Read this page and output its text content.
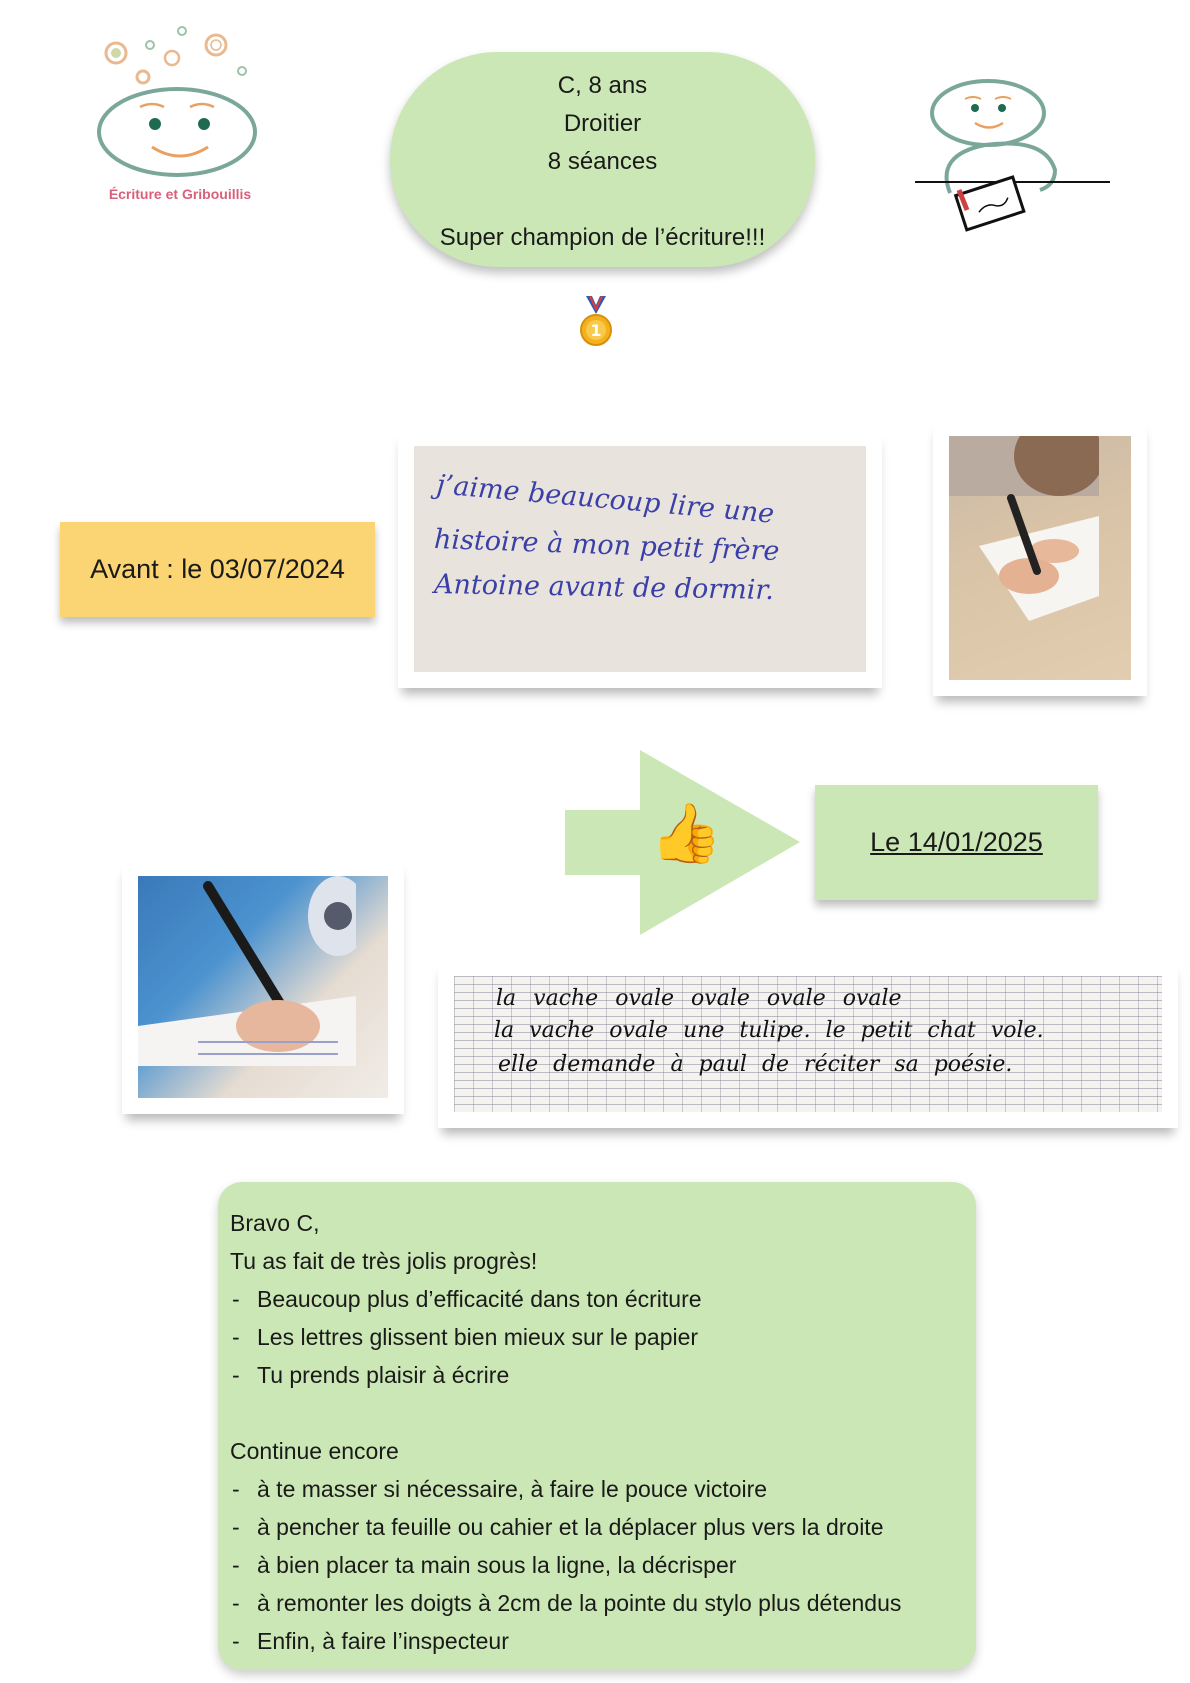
Écriture et Gribouillis
C, 8 ans
Droitier
8 séances
Super champion de l’écriture!!!
1
Avant : le 03/07/2024
j’aime beaucoup lire une
histoire à mon petit frère
Antoine avant de dormir.
👍	Le 14/01/2025
la vache ovale ovale ovale ovale
la vache ovale une tulipe. le petit chat vole.
elle demande à paul de réciter sa poésie.
Bravo C,
Tu as fait de très jolis progrès!
- Beaucoup plus d’efficacité dans ton écriture
- Les lettres glissent bien mieux sur le papier
- Tu prends plaisir à écrire
Continue encore
- à te masser si nécessaire, à faire le pouce victoire
- à pencher ta feuille ou cahier et la déplacer plus vers la droite
- à bien placer ta main sous la ligne, la décrisper
- à remonter les doigts à 2cm de la pointe du stylo plus détendus
- Enfin, à faire l’inspecteur
